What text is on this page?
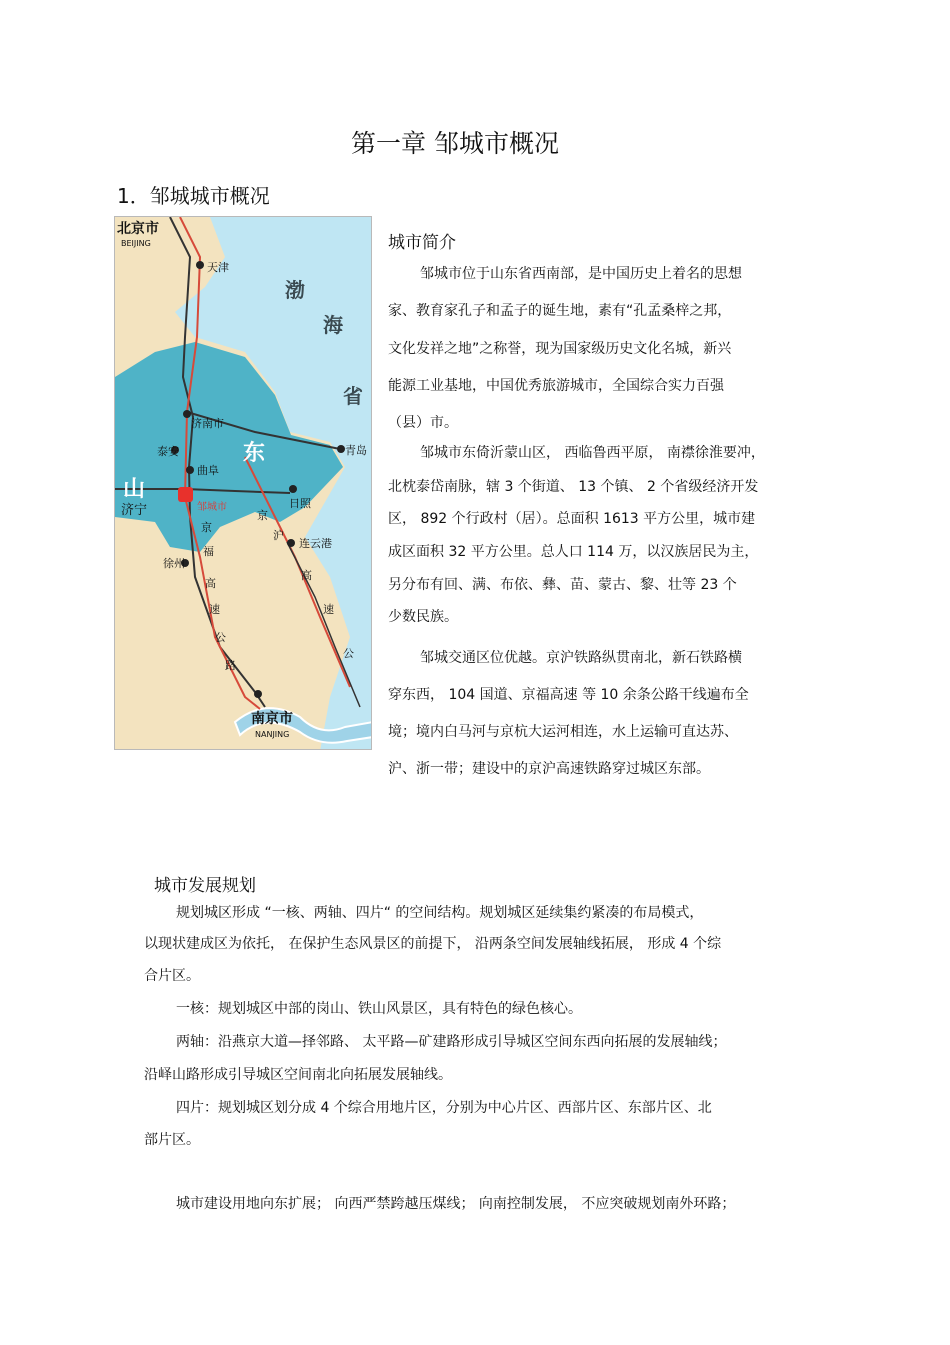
第一章 邹城市概况
1．邹城城市概况
北京市
BEIJING
天津
渤
海
省
济南市
泰安
曲阜
东
山
济宁	邹城市	日照
青岛
连云港
徐州
南京市
NANJING
京
福
高
速
公
路
京
沪
高
速
公
城市简介
邹城市位于山东省西南部，是中国历史上着名的思想
家、教育家孔子和孟子的诞生地，素有“孔孟桑梓之邦，
文化发祥之地”之称誉，现为国家级历史文化名城，新兴
能源工业基地，中国优秀旅游城市，全国综合实力百强
（县）市。
邹城市东倚沂蒙山区， 西临鲁西平原， 南襟徐淮要冲，
北枕泰岱南脉，辖 3 个街道、 13 个镇、 2 个省级经济开发
区， 892 个行政村（居）。总面积 1613 平方公里，城市建
成区面积 32 平方公里。总人口 114 万，以汉族居民为主，
另分布有回、满、布依、彝、苗、蒙古、黎、壮等 23 个
少数民族。
邹城交通区位优越。京沪铁路纵贯南北，新石铁路横
穿东西， 104 国道、京福高速 等 10 余条公路干线遍布全
境；境内白马河与京杭大运河相连，水上运输可直达苏、
沪、浙一带；建设中的京沪高速铁路穿过城区东部。
城市发展规划
规划城区形成 “一核、两轴、四片“ 的空间结构。规划城区延续集约紧凑的布局模式，
以现状建成区为依托， 在保护生态风景区的前提下， 沿两条空间发展轴线拓展， 形成 4 个综
合片区。
一核：规划城区中部的岗山、铁山风景区，具有特色的绿色核心。
两轴：沿燕京大道—择邻路、 太平路—矿建路形成引导城区空间东西向拓展的发展轴线；
沿峄山路形成引导城区空间南北向拓展发展轴线。
四片：规划城区划分成 4 个综合用地片区，分别为中心片区、西部片区、东部片区、北
部片区。
城市建设用地向东扩展； 向西严禁跨越压煤线； 向南控制发展， 不应突破规划南外环路；
